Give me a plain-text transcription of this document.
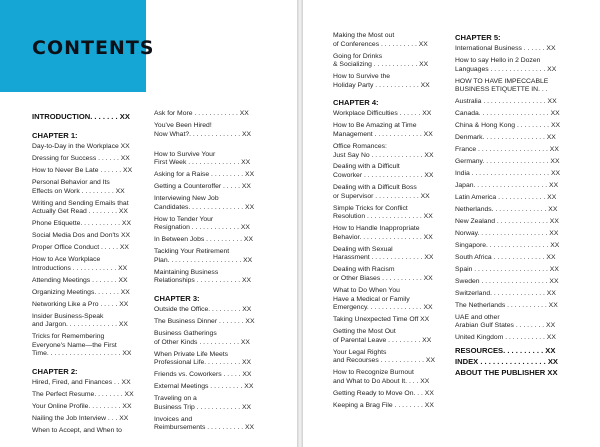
CONTENTS
INTRODUCTION. . . . . . . XX
CHAPTER 1:
Day-to-Day in the Workplace XX
Dressing for Success . . . . . . XX
How to Never Be Late . . . . . . XX
Personal Behavior and Its
Effects on Work . . . . . . . . . XX
Writing and Sending Emails that
Actually Get Read . . . . . . . . XX
Phone Etiquette. . . . . . . . . . . XX
Social Media Dos and Don'ts XX
Proper Office Conduct . . . . . XX
How to Ace Workplace
Introductions . . . . . . . . . . . . XX
Attending Meetings . . . . . . . XX
Organizing Meetings. . . . . . . XX
Networking Like a Pro . . . . . XX
Insider Business-Speak
and Jargon. . . . . . . . . . . . . . XX
Tricks for Remembering
Everyone's Name—the First
Time. . . . . . . . . . . . . . . . . . . . XX
CHAPTER 2:
Hired, Fired, and Finances . . XX
The Perfect Resume. . . . . . . . XX
Your Online Profile. . . . . . . . . XX
Nailing the Job Interview . . . XX
When to Accept, and When to
Ask for More . . . . . . . . . . . . XX
You've Been Hired!
Now What?. . . . . . . . . . . . . . XX
How to Survive Your
First Week . . . . . . . . . . . . . . XX
Asking for a Raise . . . . . . . . . XX
Getting a Counteroffer . . . . . XX
Interviewing New Job
Candidates. . . . . . . . . . . . . . . XX
How to Tender Your
Resignation . . . . . . . . . . . . . XX
In Between Jobs . . . . . . . . . . XX
Tackling Your Retirement
Plan. . . . . . . . . . . . . . . . . . . . XX
Maintaining Business
Relationships . . . . . . . . . . . . XX
CHAPTER 3:
Outside the Office. . . . . . . . . XX
The Business Dinner . . . . . . . XX
Business Gatherings
of Other Kinds . . . . . . . . . . . XX
When Private Life Meets
Professional Life. . . . . . . . . . XX
Friends vs. Coworkers . . . . . XX
External Meetings . . . . . . . . . XX
Traveling on a
Business Trip . . . . . . . . . . . . XX
Invoices and
Reimbursements . . . . . . . . . . XX
Making the Most out
of Conferences . . . . . . . . . . XX
Going for Drinks
& Socializing . . . . . . . . . . . . XX
How to Survive the
Holiday Party . . . . . . . . . . . . XX
CHAPTER 4:
Workplace Difficulties . . . . . . XX
How to Be Amazing at Time
Management . . . . . . . . . . . . . XX
Office Romances:
Just Say No . . . . . . . . . . . . . . XX
Dealing with a Difficult
Coworker . . . . . . . . . . . . . . . . XX
Dealing with a Difficult Boss
or Supervisor . . . . . . . . . . . . XX
Simple Tricks for Conflict
Resolution . . . . . . . . . . . . . . . XX
How to Handle Inappropriate
Behavior. . . . . . . . . . . . . . . . . XX
Dealing with Sexual
Harassment . . . . . . . . . . . . . . XX
Dealing with Racism
or Other Biases . . . . . . . . . . . XX
What to Do When You
Have a Medical or Family
Emergency. . . . . . . . . . . . . . . XX
Taking Unexpected Time Off XX
Getting the Most Out
of Parental Leave . . . . . . . . . XX
Your Legal Rights
and Recourses . . . . . . . . . . . . XX
How to Recognize Burnout
and What to Do About It. . . . XX
Getting Ready to Move On. . . XX
Keeping a Brag File . . . . . . . . XX
CHAPTER 5:
International Business . . . . . . XX
How to say Hello in 2 Dozen
Languages . . . . . . . . . . . . . . . XX
HOW TO HAVE IMPECCABLE
BUSINESS ETIQUETTE IN. . .
Australia . . . . . . . . . . . . . . . . . XX
Canada. . . . . . . . . . . . . . . . . . . XX
China & Hong Kong . . . . . . . . . XX
Denmark. . . . . . . . . . . . . . . . . XX
France . . . . . . . . . . . . . . . . . . . XX
Germany. . . . . . . . . . . . . . . . . . XX
India . . . . . . . . . . . . . . . . . . . . . XX
Japan. . . . . . . . . . . . . . . . . . . . XX
Latin America . . . . . . . . . . . . . XX
Netherlands. . . . . . . . . . . . . . . XX
New Zealand . . . . . . . . . . . . . . XX
Norway. . . . . . . . . . . . . . . . . . . XX
Singapore. . . . . . . . . . . . . . . . . XX
South Africa . . . . . . . . . . . . . . XX
Spain . . . . . . . . . . . . . . . . . . . . XX
Sweden . . . . . . . . . . . . . . . . . . XX
Switzerland. . . . . . . . . . . . . . . XX
The Netherlands . . . . . . . . . . . XX
UAE and other
Arabian Gulf States . . . . . . . . XX
United Kingdom . . . . . . . . . . . XX
RESOURCES. . . . . . . . . . XX
INDEX . . . . . . . . . . . . . . . . XX
ABOUT THE PUBLISHER XX
